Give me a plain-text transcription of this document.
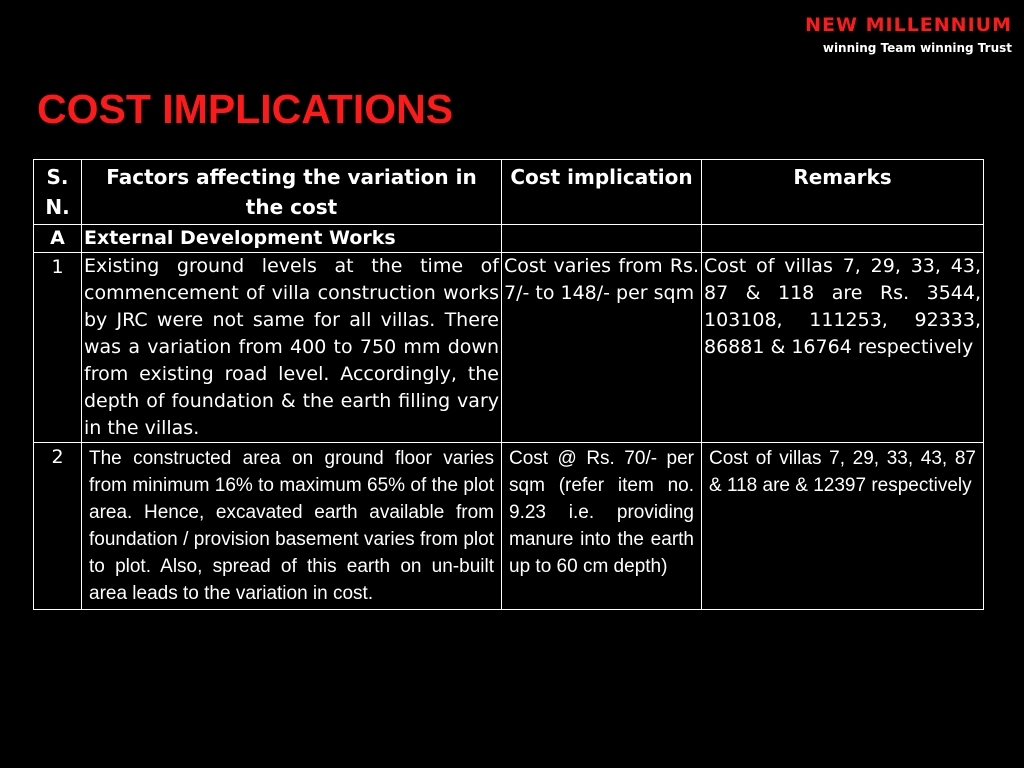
NEW MILLENNIUM
winning Team winning Trust
COST IMPLICATIONS
S. N.	Factors affecting the variation in the cost	Cost implication	Remarks
A	External Development Works		
1	Existing ground levels at the time of commencement of villa construction works by JRC were not same for all villas. There was a variation from 400 to 750 mm down from existing road level. Accordingly, the depth of foundation & the earth filling vary in the villas.	Cost varies from Rs. 7/- to 148/- per sqm	Cost of villas 7, 29, 33, 43, 87 & 118 are Rs. 3544, 103108, 111253, 92333, 86881 & 16764 respectively
2	The constructed area on ground floor varies from minimum 16% to maximum 65% of the plot area. Hence, excavated earth available from foundation / provision basement varies from plot to plot. Also, spread of this earth on un-built area leads to the variation in cost.	Cost @ Rs. 70/- per sqm (refer item no. 9.23 i.e. providing manure into the earth up to 60 cm depth)	Cost of villas 7, 29, 33, 43, 87 & 118 are & 12397 respectively
